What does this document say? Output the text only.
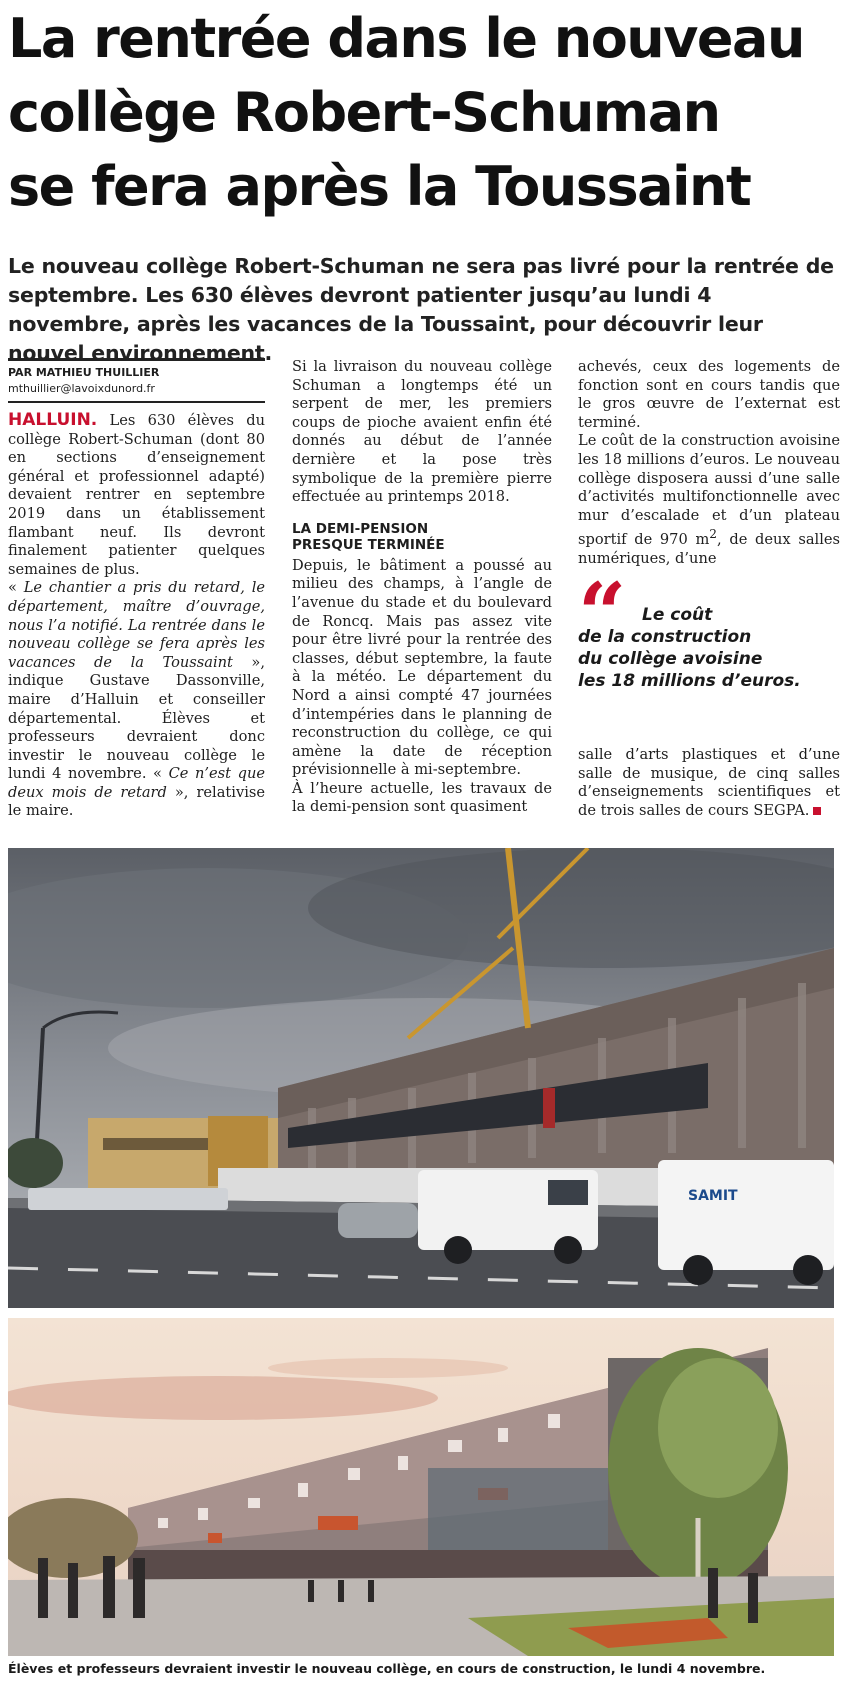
La rentrée dans le nouveau
collège Robert-Schuman
se fera après la Toussaint

Le nouveau collège Robert-Schuman ne sera pas livré pour la rentrée de septembre. Les 630 élèves devront patienter jusqu’au lundi 4 novembre, après les vacances de la Toussaint, pour découvrir leur nouvel environnement.

PAR MATHIEU THUILLIER
mthuillier@lavoixdunord.fr

HALLUIN. Les 630 élèves du collège Robert-Schuman (dont 80 en sections d’enseignement général et professionnel adapté) devaient rentrer en septembre 2019 dans un établissement flambant neuf. Ils devront finalement patienter quelques semaines de plus.

« Le chantier a pris du retard, le département, maître d’ouvrage, nous l’a notifié. La rentrée dans le nouveau collège se fera après les vacances de la Toussaint », indique Gustave Dassonville, maire d’Halluin et conseiller départemental. Élèves et professeurs devraient donc investir le nouveau collège le lundi 4 novembre. « Ce n’est que deux mois de retard », relativise le maire.

Si la livraison du nouveau collège Schuman a longtemps été un serpent de mer, les premiers coups de pioche avaient enfin été donnés au début de l’année dernière et la pose très symbolique de la première pierre effectuée au printemps 2018.

LA DEMI-PENSION
PRESQUE TERMINÉE

Depuis, le bâtiment a poussé au milieu des champs, à l’angle de l’avenue du stade et du boulevard de Roncq. Mais pas assez vite pour être livré pour la rentrée des classes, début septembre, la faute à la météo. Le département du Nord a ainsi compté 47 journées d’intempéries dans le planning de reconstruction du collège, ce qui amène la date de réception prévisionnelle à mi-septembre.

À l’heure actuelle, les travaux de la demi-pension sont quasiment

achevés, ceux des logements de fonction sont en cours tandis que le gros œuvre de l’externat est terminé.

Le coût de la construction avoisine les 18 millions d’euros. Le nouveau collège disposera aussi d’une salle d’activités multifonctionnelle avec mur d’escalade et d’un plateau sportif de 970 $m^2$, de deux salles numériques, d’une

“ Le coût
de la construction
du collège avoisine
les 18 millions d’euros.

salle d’arts plastiques et d’une salle de musique, de cinq salles d’enseignements scientifiques et de trois salles de cours SEGPA.

SAMIT
Élèves et professeurs devraient investir le nouveau collège, en cours de construction, le lundi 4 novembre.
